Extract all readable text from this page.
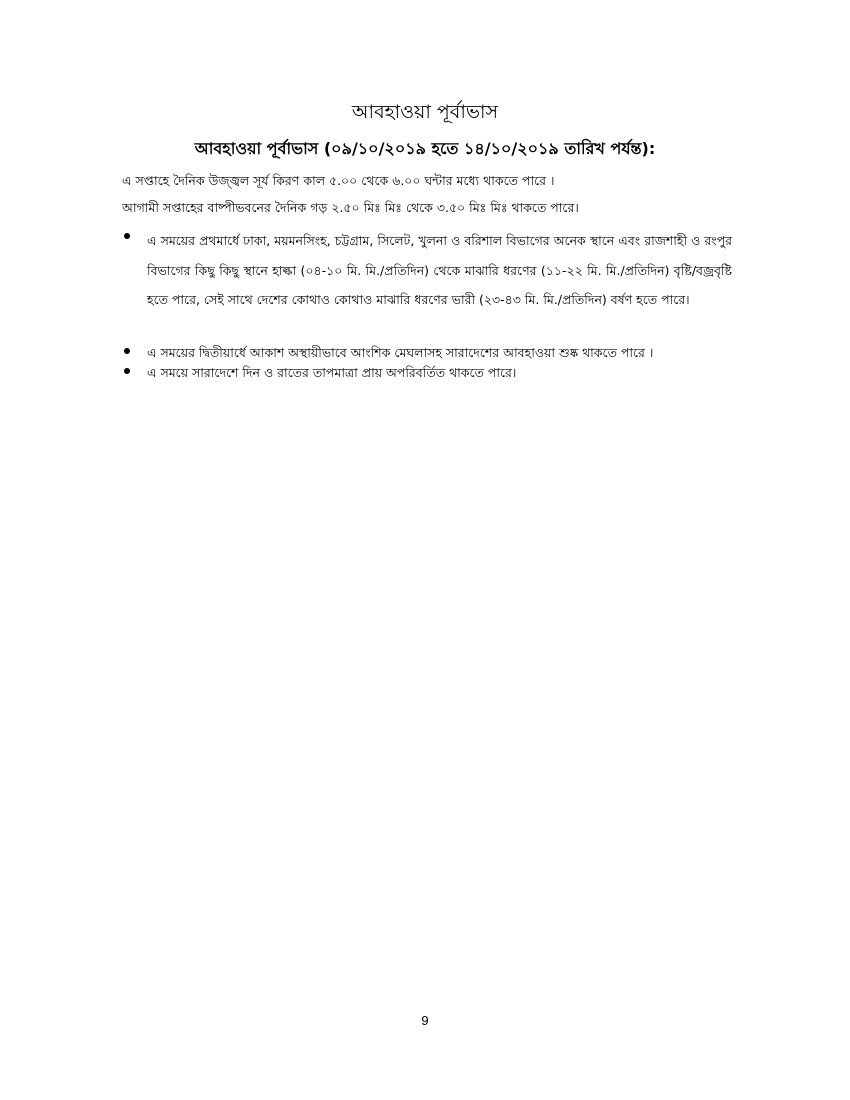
আবহাওয়া পূর্বাভাস
আবহাওয়া পূর্বাভাস (০৯/১০/২০১৯ হতে ১৪/১০/২০১৯ তারিখ পর্যন্ত):

এ সপ্তাহে দৈনিক উজ্জ্বল সূর্য কিরণ কাল ৫.০০ থেকে ৬.০০ ঘন্টার মধ্যে থাকতে পারে ।

আগামী সপ্তাহের বাষ্পীভবনের দৈনিক গড় ২.৫০ মিঃ মিঃ থেকে ৩.৫০ মিঃ মিঃ থাকতে পারে।

এ সময়ের প্রথমার্ধে ঢাকা, ময়মনসিংহ, চট্টগ্রাম, সিলেট, খুলনা ও বরিশাল বিভাগের অনেক স্থানে এবং রাজশাহী ও রংপুর বিভাগের কিছু কিছু স্থানে হাল্কা (০৪-১০ মি. মি./প্রতিদিন) থেকে মাঝারি ধরণের (১১-২২ মি. মি./প্রতিদিন) বৃষ্টি/বজ্রবৃষ্টি হতে পারে, সেই সাথে দেশের কোথাও কোথাও মাঝারি ধরণের ভারী (২৩-৪৩ মি. মি./প্রতিদিন) বর্ষণ হতে পারে।
এ সময়ের দ্বিতীয়ার্ধে আকাশ অস্থায়ীভাবে আংশিক মেঘলাসহ সারাদেশের আবহাওয়া শুষ্ক থাকতে পারে ।
এ সময়ে সারাদেশে দিন ও রাতের তাপমাত্রা প্রায় অপরিবর্তিত থাকতে পারে।
9
